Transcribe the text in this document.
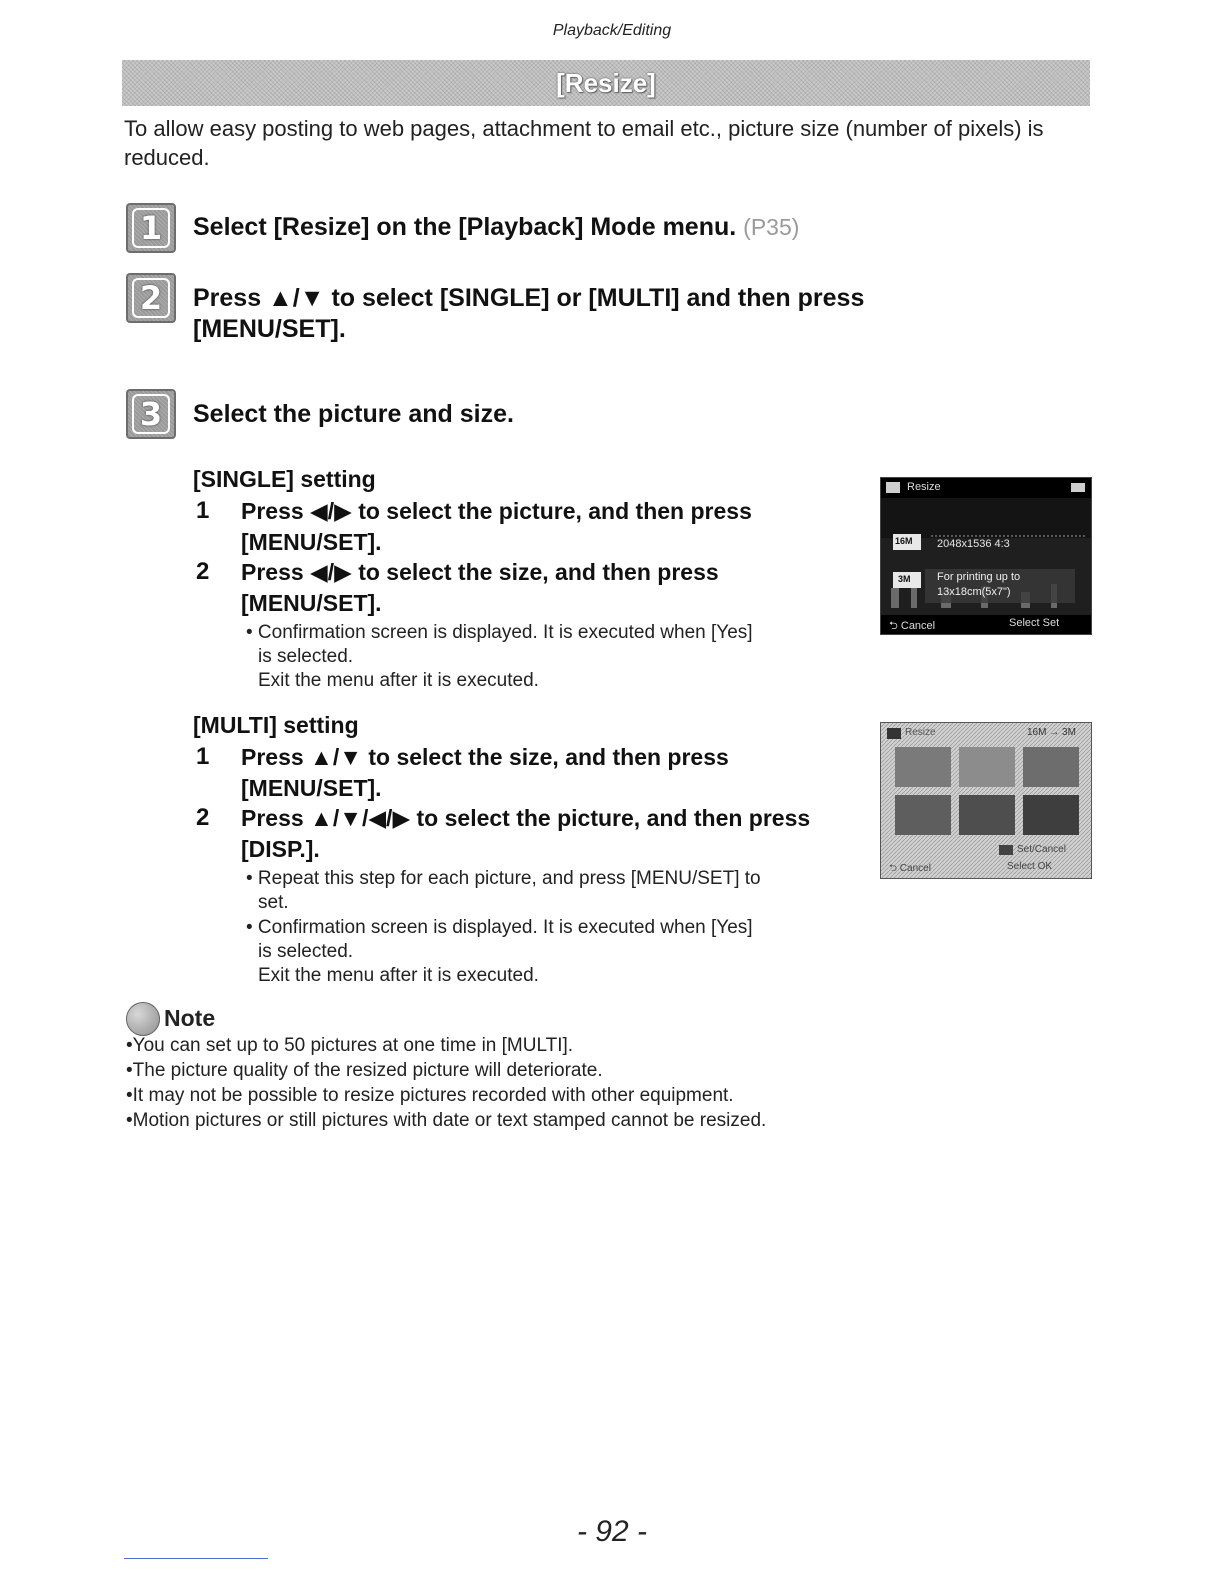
Playback/Editing
[Resize]
To allow easy posting to web pages, attachment to email etc., picture size (number of pixels) is reduced.
1	Select [Resize] on the [Playback] Mode menu. (P35)
2	Press ▲/▼ to select [SINGLE] or [MULTI] and then press
[MENU/SET].
3	Select the picture and size.
[SINGLE] setting
1	Press ◀/▶ to select the picture, and then press
[MENU/SET].
2	Press ◀/▶ to select the size, and then press
[MENU/SET].
• Confirmation screen is displayed. It is executed when [Yes]
is selected.
Exit the menu after it is executed.
Resize
16M 2048x1536 4:3
3M For printing up to
13x18cm(5x7")
⮌ Cancel	Select Set
[MULTI] setting
1	Press ▲/▼ to select the size, and then press
[MENU/SET].
2	Press ▲/▼/◀/▶ to select the picture, and then press
[DISP.].
• Repeat this step for each picture, and press [MENU/SET] to
set.
• Confirmation screen is displayed. It is executed when [Yes]
is selected.
Exit the menu after it is executed.
Resize	16M → 3M
Set/Cancel
⮌ Cancel	Select OK
Note
•You can set up to 50 pictures at one time in [MULTI].
•The picture quality of the resized picture will deteriorate.
•It may not be possible to resize pictures recorded with other equipment.
•Motion pictures or still pictures with date or text stamped cannot be resized.
- 92 -
